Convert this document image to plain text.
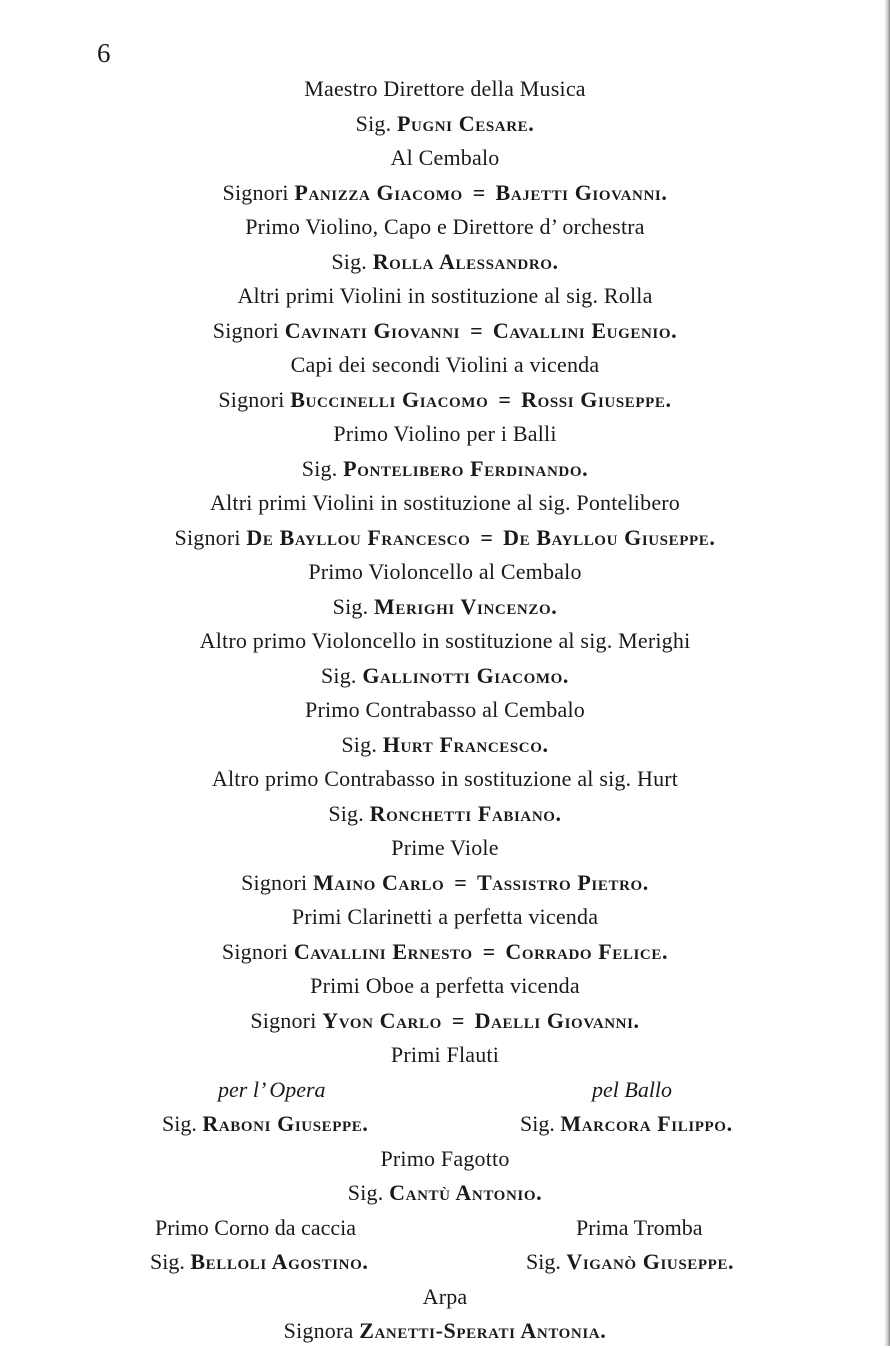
6
Maestro Direttore della Musica
Sig. Pugni Cesare.
Al Cembalo
Signori Panizza Giacomo = Bajetti Giovanni.
Primo Violino, Capo e Direttore d’ orchestra
Sig. Rolla Alessandro.
Altri primi Violini in sostituzione al sig. Rolla
Signori Cavinati Giovanni = Cavallini Eugenio.
Capi dei secondi Violini a vicenda
Signori Buccinelli Giacomo = Rossi Giuseppe.
Primo Violino per i Balli
Sig. Pontelibero Ferdinando.
Altri primi Violini in sostituzione al sig. Pontelibero
Signori De Bayllou Francesco = De Bayllou Giuseppe.
Primo Violoncello al Cembalo
Sig. Merighi Vincenzo.
Altro primo Violoncello in sostituzione al sig. Merighi
Sig. Gallinotti Giacomo.
Primo Contrabasso al Cembalo
Sig. Hurt Francesco.
Altro primo Contrabasso in sostituzione al sig. Hurt
Sig. Ronchetti Fabiano.
Prime Viole
Signori Maino Carlo = Tassistro Pietro.
Primi Clarinetti a perfetta vicenda
Signori Cavallini Ernesto = Corrado Felice.
Primi Oboe a perfetta vicenda
Signori Yvon Carlo = Daelli Giovanni.
Primi Flauti
per l’ Opera	pel Ballo
Sig. Raboni Giuseppe.	Sig. Marcora Filippo.
Primo Fagotto
Sig. Cantù Antonio.
Primo Corno da caccia	Prima Tromba
Sig. Belloli Agostino.	Sig. Viganò Giuseppe.
Arpa
Signora Zanetti-Sperati Antonia.
